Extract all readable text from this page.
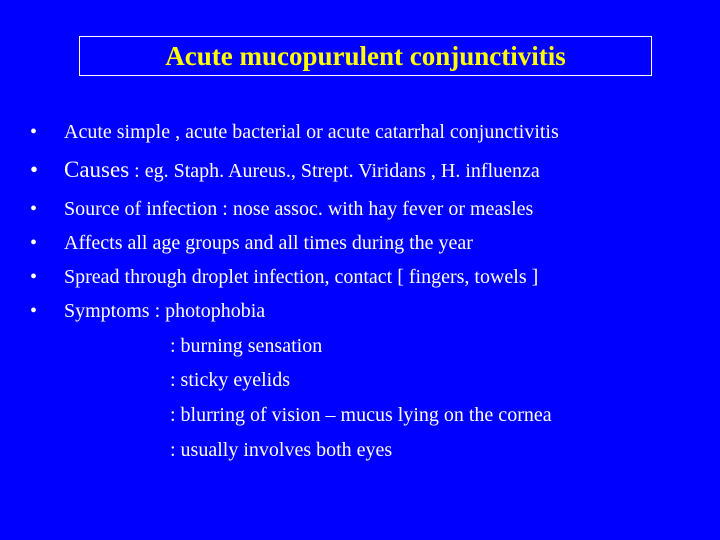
Acute mucopurulent conjunctivitis
• Acute simple , acute bacterial or acute catarrhal conjunctivitis
• Causes : eg. Staph. Aureus., Strept. Viridans , H. influenza
• Source of infection : nose assoc. with hay fever or measles
• Affects all age groups and all times during the year
• Spread through droplet infection, contact [ fingers, towels ]
• Symptoms : photophobia
: burning sensation
: sticky eyelids
: blurring of vision – mucus lying on the cornea
: usually involves both eyes
